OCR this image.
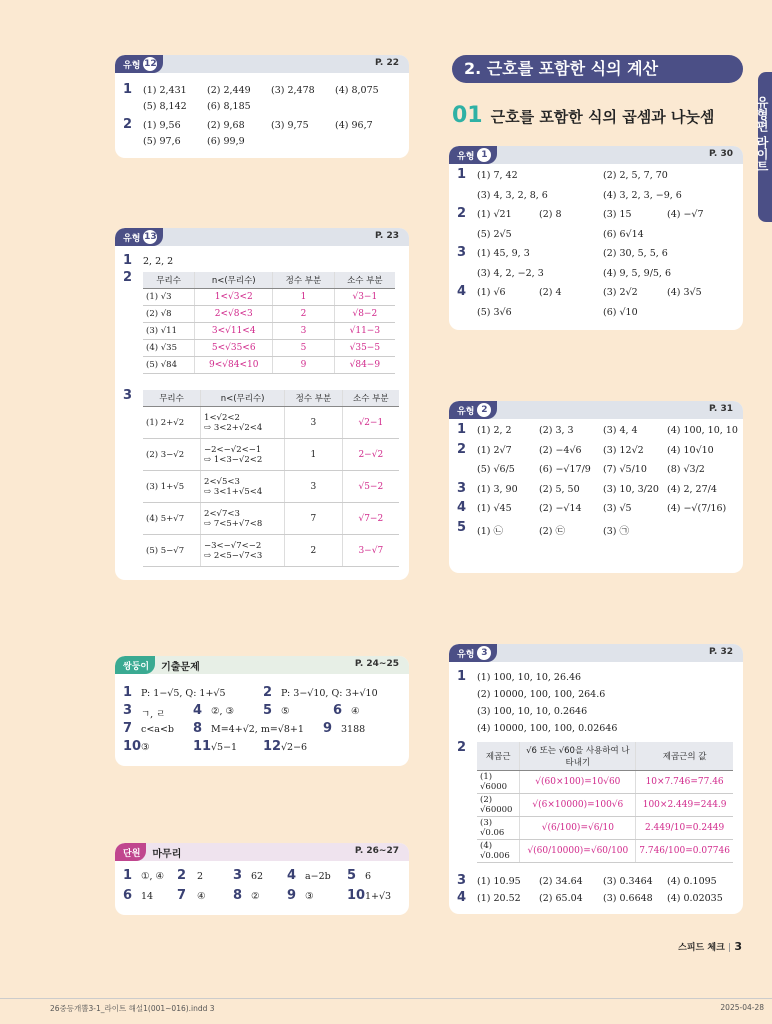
유형편 라이트
유형 12	P. 22
1 (1) 2,431 (2) 2,449 (3) 2,478 (4) 8,075
(5) 8,142 (6) 8,185
2 (1) 9,56	(2) 9,68	(3) 9,75	(4) 96,7
(5) 97,6	(6) 99,9
유형 13	P. 23
1 2, 2, 2
2	무리수	n<(무리수)	정수 부분	소수 부분
(1) √3	1<√3<2	1	√3−1
(2) √8	2<√8<3	2	√8−2
(3) √11	3<√11<4	3	√11−3
(4) √35	5<√35<6	5	√35−5
(5) √84	9<√84<10	9	√84−9
3	무리수	n<(무리수)	정수 부분	소수 부분
(1) 2+√2	1<√2<2
⇨ 3<2+√2<4	3	√2−1
(2) 3−√2	−2<−√2<−1
⇨ 1<3−√2<2	1	2−√2
(3) 1+√5	2<√5<3
⇨ 3<1+√5<4	3	√5−2
(4) 5+√7	2<√7<3
⇨ 7<5+√7<8	7	√7−2
(5) 5−√7	−3<−√7<−2
⇨ 2<5−√7<3	2	3−√7
쌍둥이	기출문제	P. 24∼25
1 P: 1−√5, Q: 1+√5	2 P: 3−√10, Q: 3+√10
3 ㄱ, ㄹ 4 ②, ③ 5 ⑤	6 ④
7 c<a<b 8 M=4+√2, m=√8+1 9 3188
10 ③	11 √5−1 12 √2−6
단원	마무리	P. 26∼27
1 ①, ④ 2 2 3 62 4 a−2b 5 6
6 14 7 ④ 8 ② 9 ③	10 1+√3
2. 근호를 포함한 식의 계산
01 근호를 포함한 식의 곱셈과 나눗셈
유형 1	P. 30
1 (1) 7, 42	(2) 2, 5, 7, 70
(3) 4, 3, 2, 8, 6	(4) 3, 2, 3, −9, 6
2 (1) √21	(2) 8	(3) 15	(4) −√7
(5) 2√5	(6) 6√14
3 (1) 45, 9, 3	(2) 30, 5, 5, 6
(3) 4, 2, −2, 3	(4) 9, 5, 9/5, 6
4 (1) √6	(2) 4	(3) 2√2	(4) 3√5
(5) 3√6	(6) √10
유형 2	P. 31
1 (1) 2, 2	(2) 3, 3	(3) 4, 4	(4) 100, 10, 10
2 (1) 2√7	(2) −4√6 (3) 12√2 (4) 10√10
(5) √6/5	(6) −√17/9 (7) √5/10 (8) √3/2
3 (1) 3, 90 (2) 5, 50 (3) 10, 3/20 (4) 2, 27/4
4 (1) √45	(2) −√14 (3) √5	(4) −√(7/16)
5 (1) ㉡	(2) ㉢	(3) ㉠
유형 3	P. 32
1 (1) 100, 10, 10, 26.46
(2) 10000, 100, 100, 264.6
(3) 100, 10, 10, 0.2646
(4) 10000, 100, 100, 0.02646
2
제곱근	√6 또는 √60을 사용하여 나타내기	제곱근의 값
(1) √6000	√(60×100)=10√60	10×7.746=77.46
(2) √60000	√(6×10000)=100√6	100×2.449=244.9
(3) √0.06	√(6/100)=√6/10	2.449/10=0.2449
(4) √0.006	√(60/10000)=√60/100	7.746/100=0.07746
3 (1) 10.95 (2) 34.64 (3) 0.3464 (4) 0.1095
4 (1) 20.52 (2) 65.04 (3) 0.6648 (4) 0.02035
스피드 체크 | 3
26중등개뿔3-1_라이트 해설1(001~016).indd 3	2025-04-28
